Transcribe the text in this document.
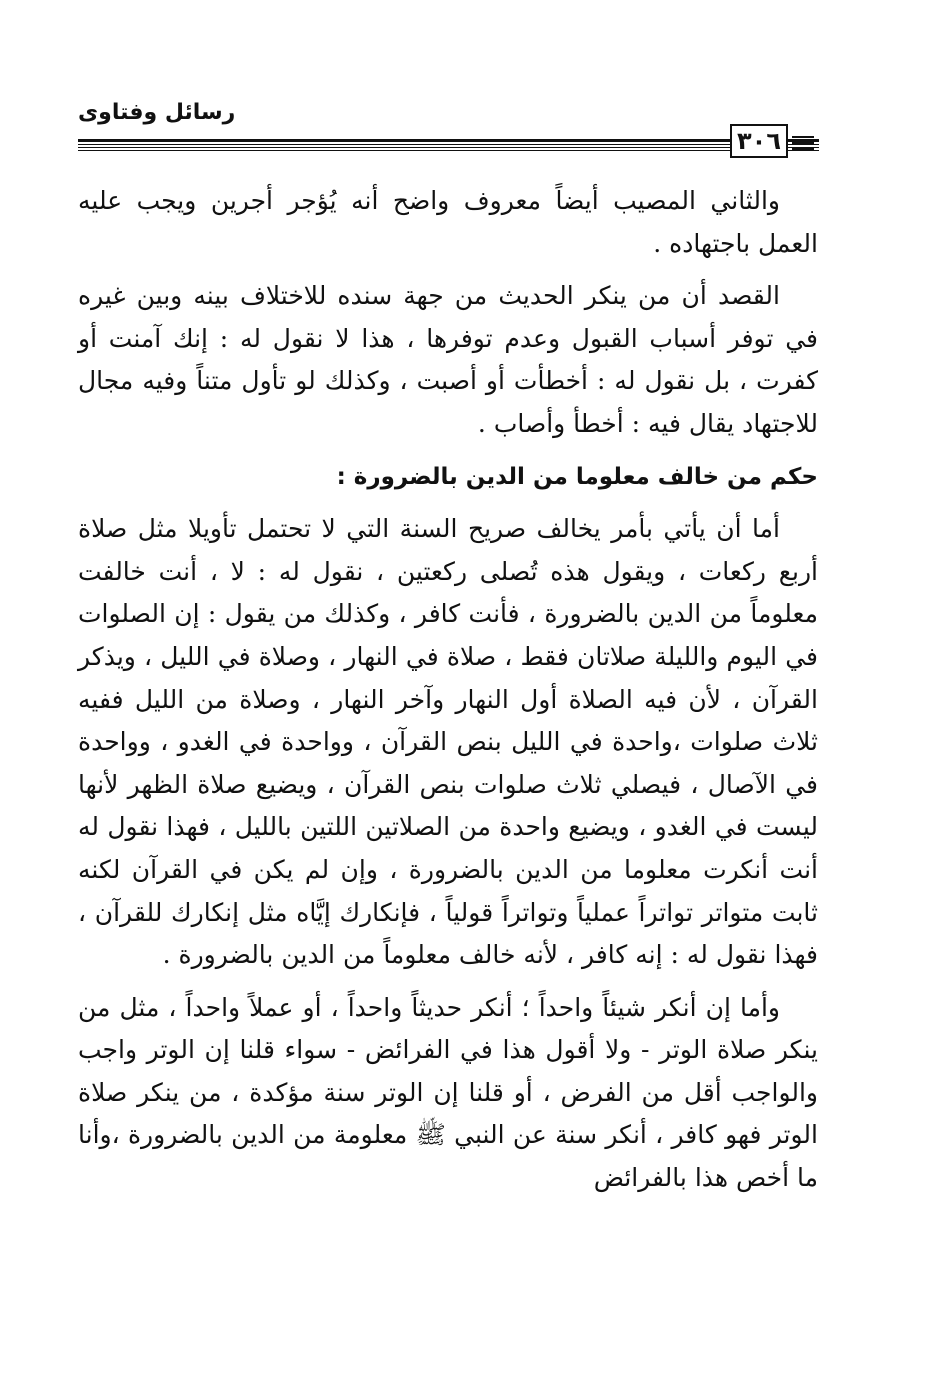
رسائل وفتاوى
٣٠٦

والثاني المصيب أيضاً معروف واضح أنه يُؤجر أجرين ويجب عليه العمل باجتهاده .

القصد أن من ينكر الحديث من جهة سنده للاختلاف بينه وبين غيره في توفر أسباب القبول وعدم توفرها ، هذا لا نقول له : إنك آمنت أو كفرت ، بل نقول له : أخطأت أو أصبت ، وكذلك لو تأول متناً وفيه مجال للاجتهاد يقال فيه : أخطأ وأصاب .

حكم من خالف معلوما من الدين بالضرورة :

أما أن يأتي بأمر يخالف صريح السنة التي لا تحتمل تأويلا مثل صلاة أربع ركعات ، ويقول هذه تُصلى ركعتين ، نقول له : لا ، أنت خالفت معلوماً من الدين بالضرورة ، فأنت كافر ، وكذلك من يقول : إن الصلوات في اليوم والليلة صلاتان فقط ، صلاة في النهار ، وصلاة في الليل ، ويذكر القرآن ، لأن فيه الصلاة أول النهار وآخر النهار ، وصلاة من الليل ففيه ثلاث صلوات ،واحدة في الليل بنص القرآن ، وواحدة في الغدو ، وواحدة في الآصال ، فيصلي ثلاث صلوات بنص القرآن ، ويضيع صلاة الظهر لأنها ليست في الغدو ، ويضيع واحدة من الصلاتين اللتين بالليل ، فهذا نقول له أنت أنكرت معلوما من الدين بالضرورة ، وإن لم يكن في القرآن لكنه ثابت متواتر تواتراً عملياً وتواتراً قولياً ، فإنكارك إيَّاه مثل إنكارك للقرآن ، فهذا نقول له : إنه كافر ، لأنه خالف معلوماً من الدين بالضرورة .

وأما إن أنكر شيئاً واحداً ؛ أنكر حديثاً واحداً ، أو عملاً واحداً ، مثل من ينكر صلاة الوتر - ولا أقول هذا في الفرائض - سواء قلنا إن الوتر واجب والواجب أقل من الفرض ، أو قلنا إن الوتر سنة مؤكدة ، من ينكر صلاة الوتر فهو كافر ، أنكر سنة عن النبي ﷺ معلومة من الدين بالضرورة ،وأنا ما أخص هذا بالفرائض
